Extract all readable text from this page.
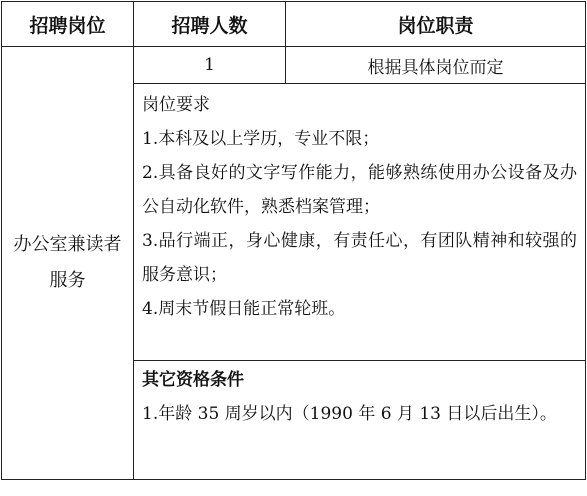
招聘岗位	招聘人数	岗位职责
办公室兼读者服务	1	根据具体岗位而定

	岗位要求

1.本科及以上学历，专业不限；

2.具备良好的文字写作能力，能够熟练使用办公设备及办公自动化软件，熟悉档案管理；

3.品行端正，身心健康，有责任心，有团队精神和较强的服务意识；

4.周末节假日能正常轮班。	

	其它资格条件

1.年龄 35 周岁以内（1990 年 6 月 13 日以后出生）。	
